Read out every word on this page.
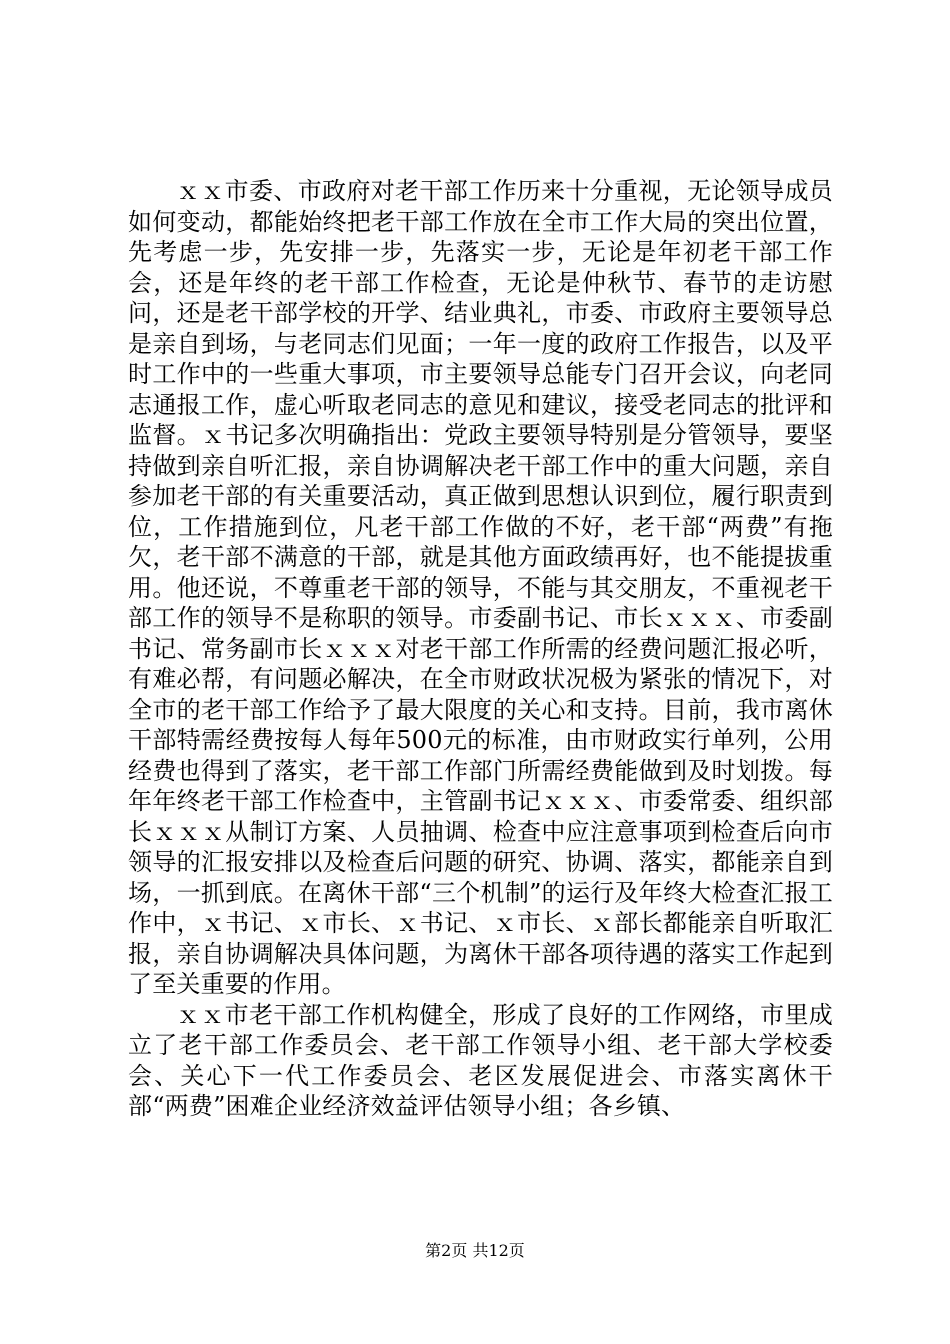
ｘｘ市委、市政府对老干部工作历来十分重视，无论领导成员如何变动，都能始终把老干部工作放在全市工作大局的突出位置，先考虑一步，先安排一步，先落实一步，无论是年初老干部工作会，还是年终的老干部工作检查，无论是仲秋节、春节的走访慰问，还是老干部学校的开学、结业典礼，市委、市政府主要领导总是亲自到场，与老同志们见面；一年一度的政府工作报告，以及平时工作中的一些重大事项，市主要领导总能专门召开会议，向老同志通报工作，虚心听取老同志的意见和建议，接受老同志的批评和监督。ｘ书记多次明确指出：党政主要领导特别是分管领导，要坚持做到亲自听汇报，亲自协调解决老干部工作中的重大问题，亲自参加老干部的有关重要活动，真正做到思想认识到位，履行职责到位，工作措施到位，凡老干部工作做的不好，老干部“两费”有拖欠，老干部不满意的干部，就是其他方面政绩再好，也不能提拔重用。他还说，不尊重老干部的领导，不能与其交朋友，不重视老干部工作的领导不是称职的领导。市委副书记、市长ｘｘｘ、市委副书记、常务副市长ｘｘｘ对老干部工作所需的经费问题汇报必听，有难必帮，有问题必解决，在全市财政状况极为紧张的情况下，对全市的老干部工作给予了最大限度的关心和支持。目前，我市离休干部特需经费按每人每年500元的标准，由市财政实行单列，公用经费也得到了落实，老干部工作部门所需经费能做到及时划拨。每年年终老干部工作检查中，主管副书记ｘｘｘ、市委常委、组织部长ｘｘｘ从制订方案、人员抽调、检查中应注意事项到检查后向市领导的汇报安排以及检查后问题的研究、协调、落实，都能亲自到场，一抓到底。在离休干部“三个机制”的运行及年终大检查汇报工作中，ｘ书记、ｘ市长、ｘ书记、ｘ市长、ｘ部长都能亲自听取汇报，亲自协调解决具体问题，为离休干部各项待遇的落实工作起到了至关重要的作用。

ｘｘ市老干部工作机构健全，形成了良好的工作网络，市里成立了老干部工作委员会、老干部工作领导小组、老干部大学校委会、关心下一代工作委员会、老区发展促进会、市落实离休干部“两费”困难企业经济效益评估领导小组；各乡镇、

第2页 共12页
